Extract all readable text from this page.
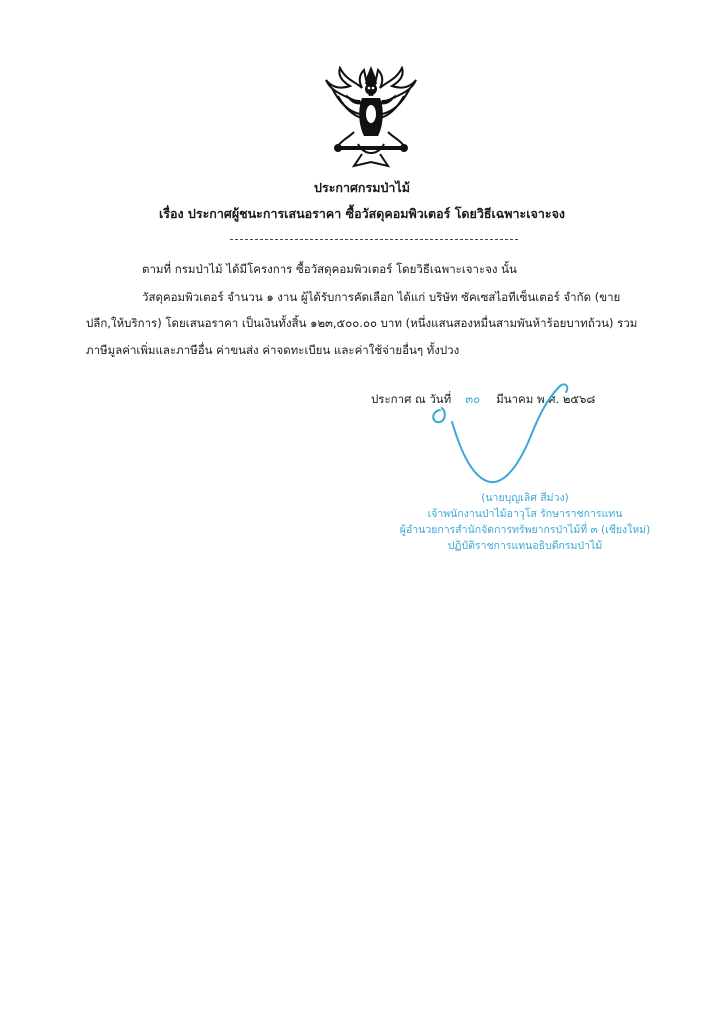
ประกาศกรมป่าไม้

เรื่อง ประกาศผู้ชนะการเสนอราคา ซื้อวัสดุคอมพิวเตอร์ โดยวิธีเฉพาะเจาะจง

ตามที่ กรมป่าไม้ ได้มีโครงการ ซื้อวัสดุคอมพิวเตอร์ โดยวิธีเฉพาะเจาะจง นั้น

วัสดุคอมพิวเตอร์ จำนวน ๑ งาน ผู้ได้รับการคัดเลือก ได้แก่ บริษัท ซัคเซสไอทีเซ็นเตอร์ จำกัด (ขาย

ปลีก,ให้บริการ) โดยเสนอราคา เป็นเงินทั้งสิ้น ๑๒๓,๕๐๐.๐๐ บาท (หนึ่งแสนสองหมื่นสามพันห้าร้อยบาทถ้วน) รวม

ภาษีมูลค่าเพิ่มและภาษีอื่น ค่าขนส่ง ค่าจดทะเบียน และค่าใช้จ่ายอื่นๆ ทั้งปวง

ประกาศ ณ วันที่ ๓๐ มีนาคม พ.ศ. ๒๕๖๘

(นายบุญเลิศ สีม่วง)

เจ้าพนักงานป่าไม้อาวุโส รักษาราชการแทน

ผู้อำนวยการสำนักจัดการทรัพยากรป่าไม้ที่ ๓ (เชียงใหม่)

ปฏิบัติราชการแทนอธิบดีกรมป่าไม้
